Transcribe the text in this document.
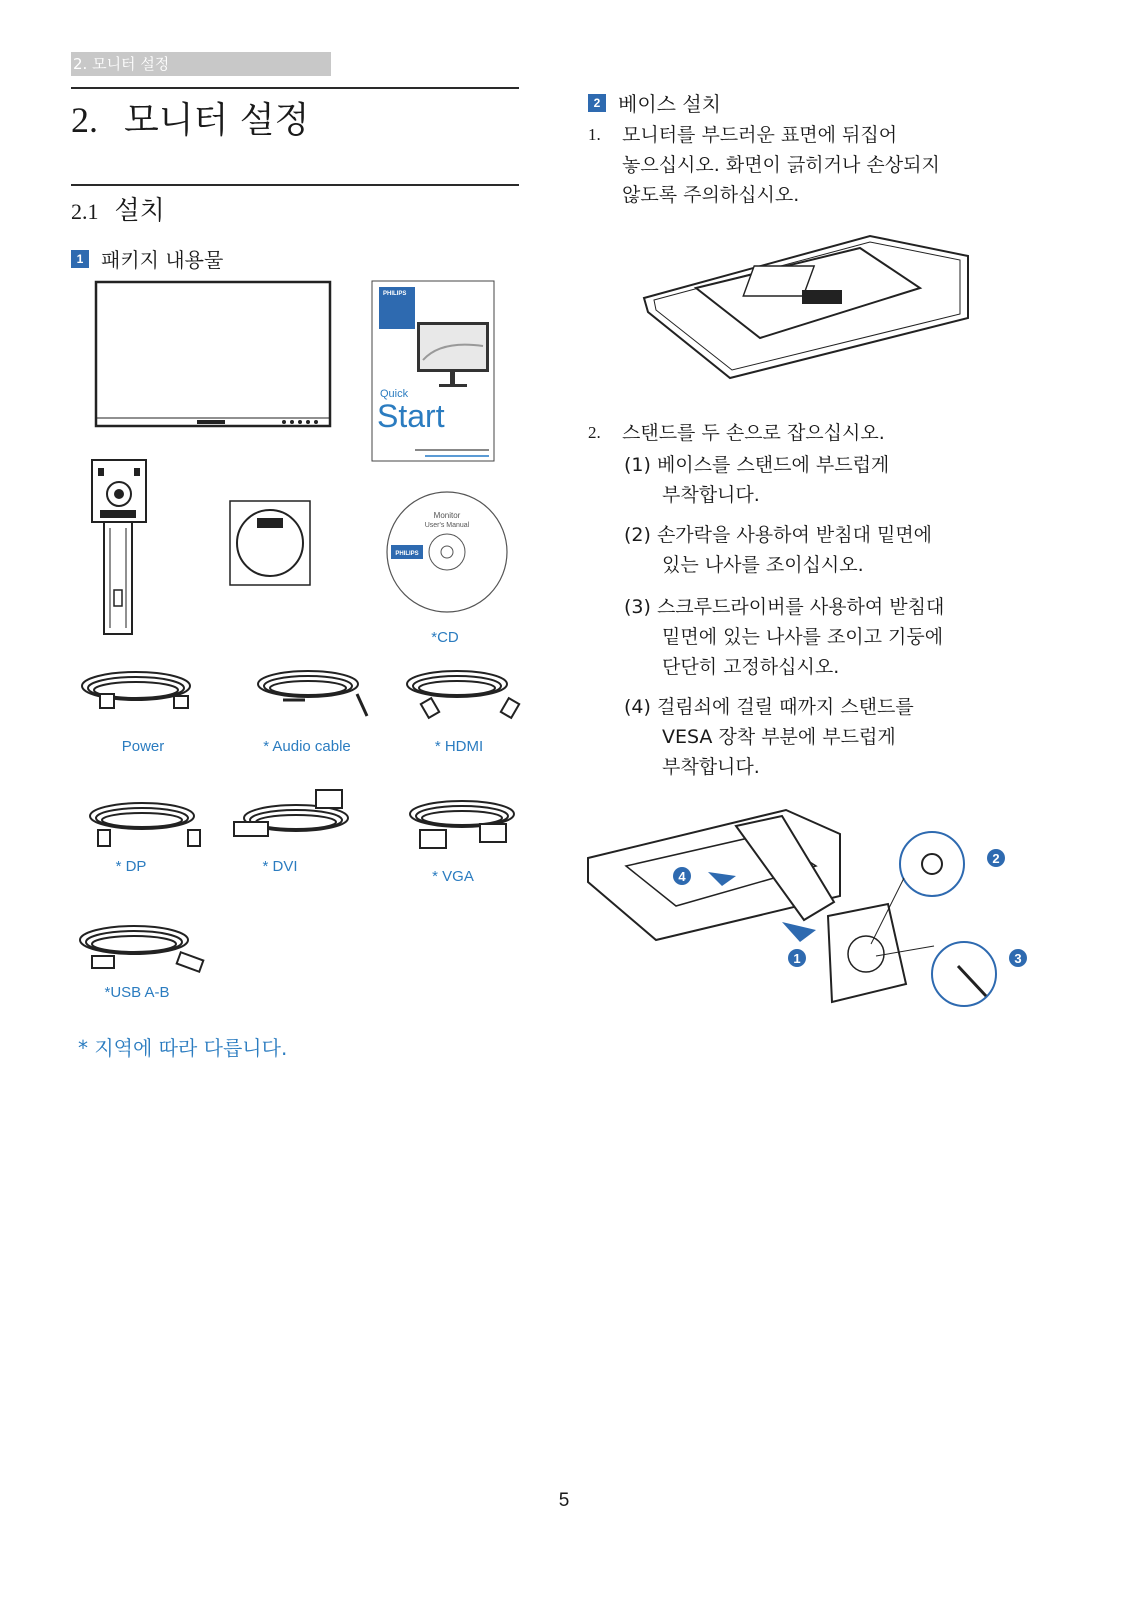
2. 모니터 설정
2. 모니터 설정
2.1 설치
1 패키지 내용물
PHILIPS
Quick
Start
Monitor
User's Manual
PHILIPS
*CD
Power	* Audio cable	* HDMI
* DP	* DVI
* VGA
*USB A-B
* 지역에 따라 다릅니다.
2 베이스 설치
1. 모니터를 부드러운 표면에 뒤집어
놓으십시오. 화면이 긁히거나 손상되지
않도록 주의하십시오.
2. 스탠드를 두 손으로 잡으십시오.
(1) 베이스를 스탠드에 부드럽게
부착합니다.
(2) 손가락을 사용하여 받침대 밑면에
있는 나사를 조이십시오.
(3) 스크루드라이버를 사용하여 받침대
밑면에 있는 나사를 조이고 기둥에
단단히 고정하십시오.
(4) 걸림쇠에 걸릴 때까지 스탠드를
VESA 장착 부분에 부드럽게
부착합니다.
1
2
3
4
5
